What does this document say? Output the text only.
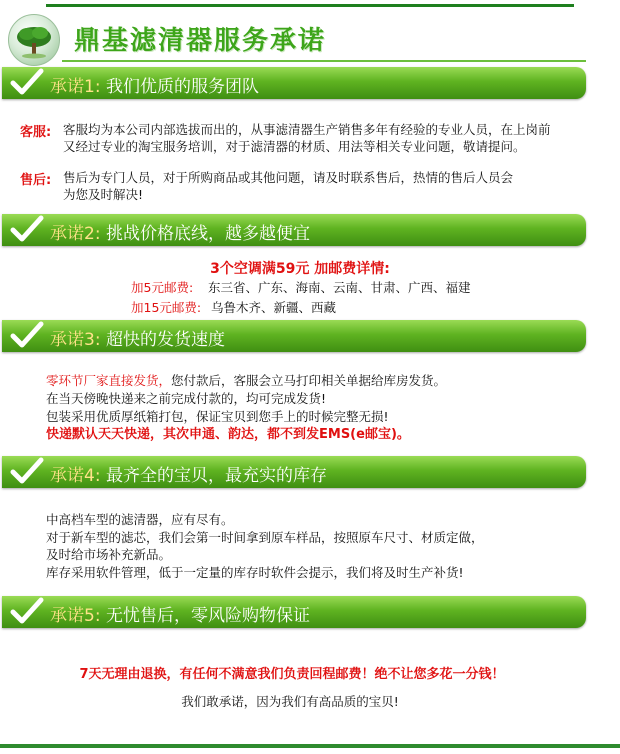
鼎基滤清器服务承诺
承诺1: 我们优质的服务团队
客服: 客服均为本公司内部选拔而出的，从事滤清器生产销售多年有经验的专业人员，在上岗前
又经过专业的淘宝服务培训，对于滤清器的材质、用法等相关专业问题，敬请提问。
售后: 售后为专门人员，对于所购商品或其他问题，请及时联系售后，热情的售后人员会
为您及时解决!
承诺2: 挑战价格底线，越多越便宜
3个空调满59元 加邮费详情:
加5元邮费: 东三省、广东、海南、云南、甘肃、广西、福建
加15元邮费: 乌鲁木齐、新疆、西藏
承诺3: 超快的发货速度
零环节厂家直接发货，您付款后，客服会立马打印相关单据给库房发货。
在当天傍晚快递来之前完成付款的，均可完成发货!
包装采用优质厚纸箱打包，保证宝贝到您手上的时候完整无损!
快递默认天天快递，其次申通、韵达，都不到发EMS(e邮宝)。
承诺4: 最齐全的宝贝，最充实的库存
中高档车型的滤清器，应有尽有。
对于新车型的滤芯，我们会第一时间拿到原车样品，按照原车尺寸、材质定做，
及时给市场补充新品。
库存采用软件管理，低于一定量的库存时软件会提示，我们将及时生产补货!
承诺5: 无忧售后，零风险购物保证
7天无理由退换，有任何不满意我们负责回程邮费！绝不让您多花一分钱！
我们敢承诺，因为我们有高品质的宝贝!
